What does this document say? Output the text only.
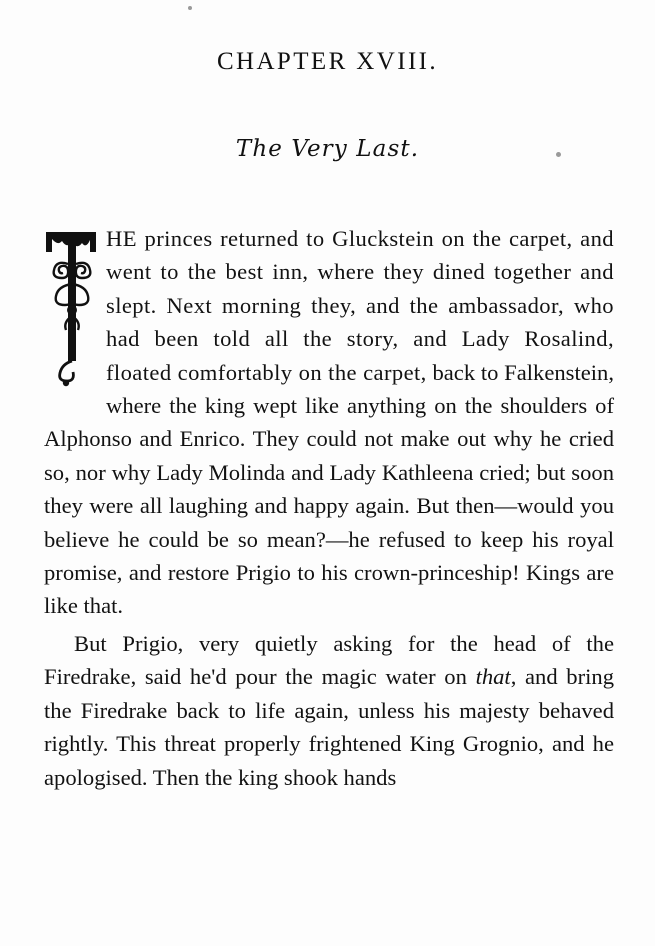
CHAPTER XVIII.
The Very Last.

HE princes returned to Gluckstein on the carpet, and went to the best inn, where they dined together and slept. Next morning they, and the ambassador, who had been told all the story, and Lady Rosalind, floated comfortably on the carpet, back to Falkenstein, where the king wept like anything on the shoulders of Alphonso and Enrico. They could not make out why he cried so, nor why Lady Molinda and Lady Kathleena cried; but soon they were all laughing and happy again. But then—would you believe he could be so mean?—he refused to keep his royal promise, and restore Prigio to his crown-princeship! Kings are like that.

But Prigio, very quietly asking for the head of the Firedrake, said he'd pour the magic water on that, and bring the Firedrake back to life again, unless his majesty behaved rightly. This threat properly frightened King Grognio, and he apologised. Then the king shook hands
